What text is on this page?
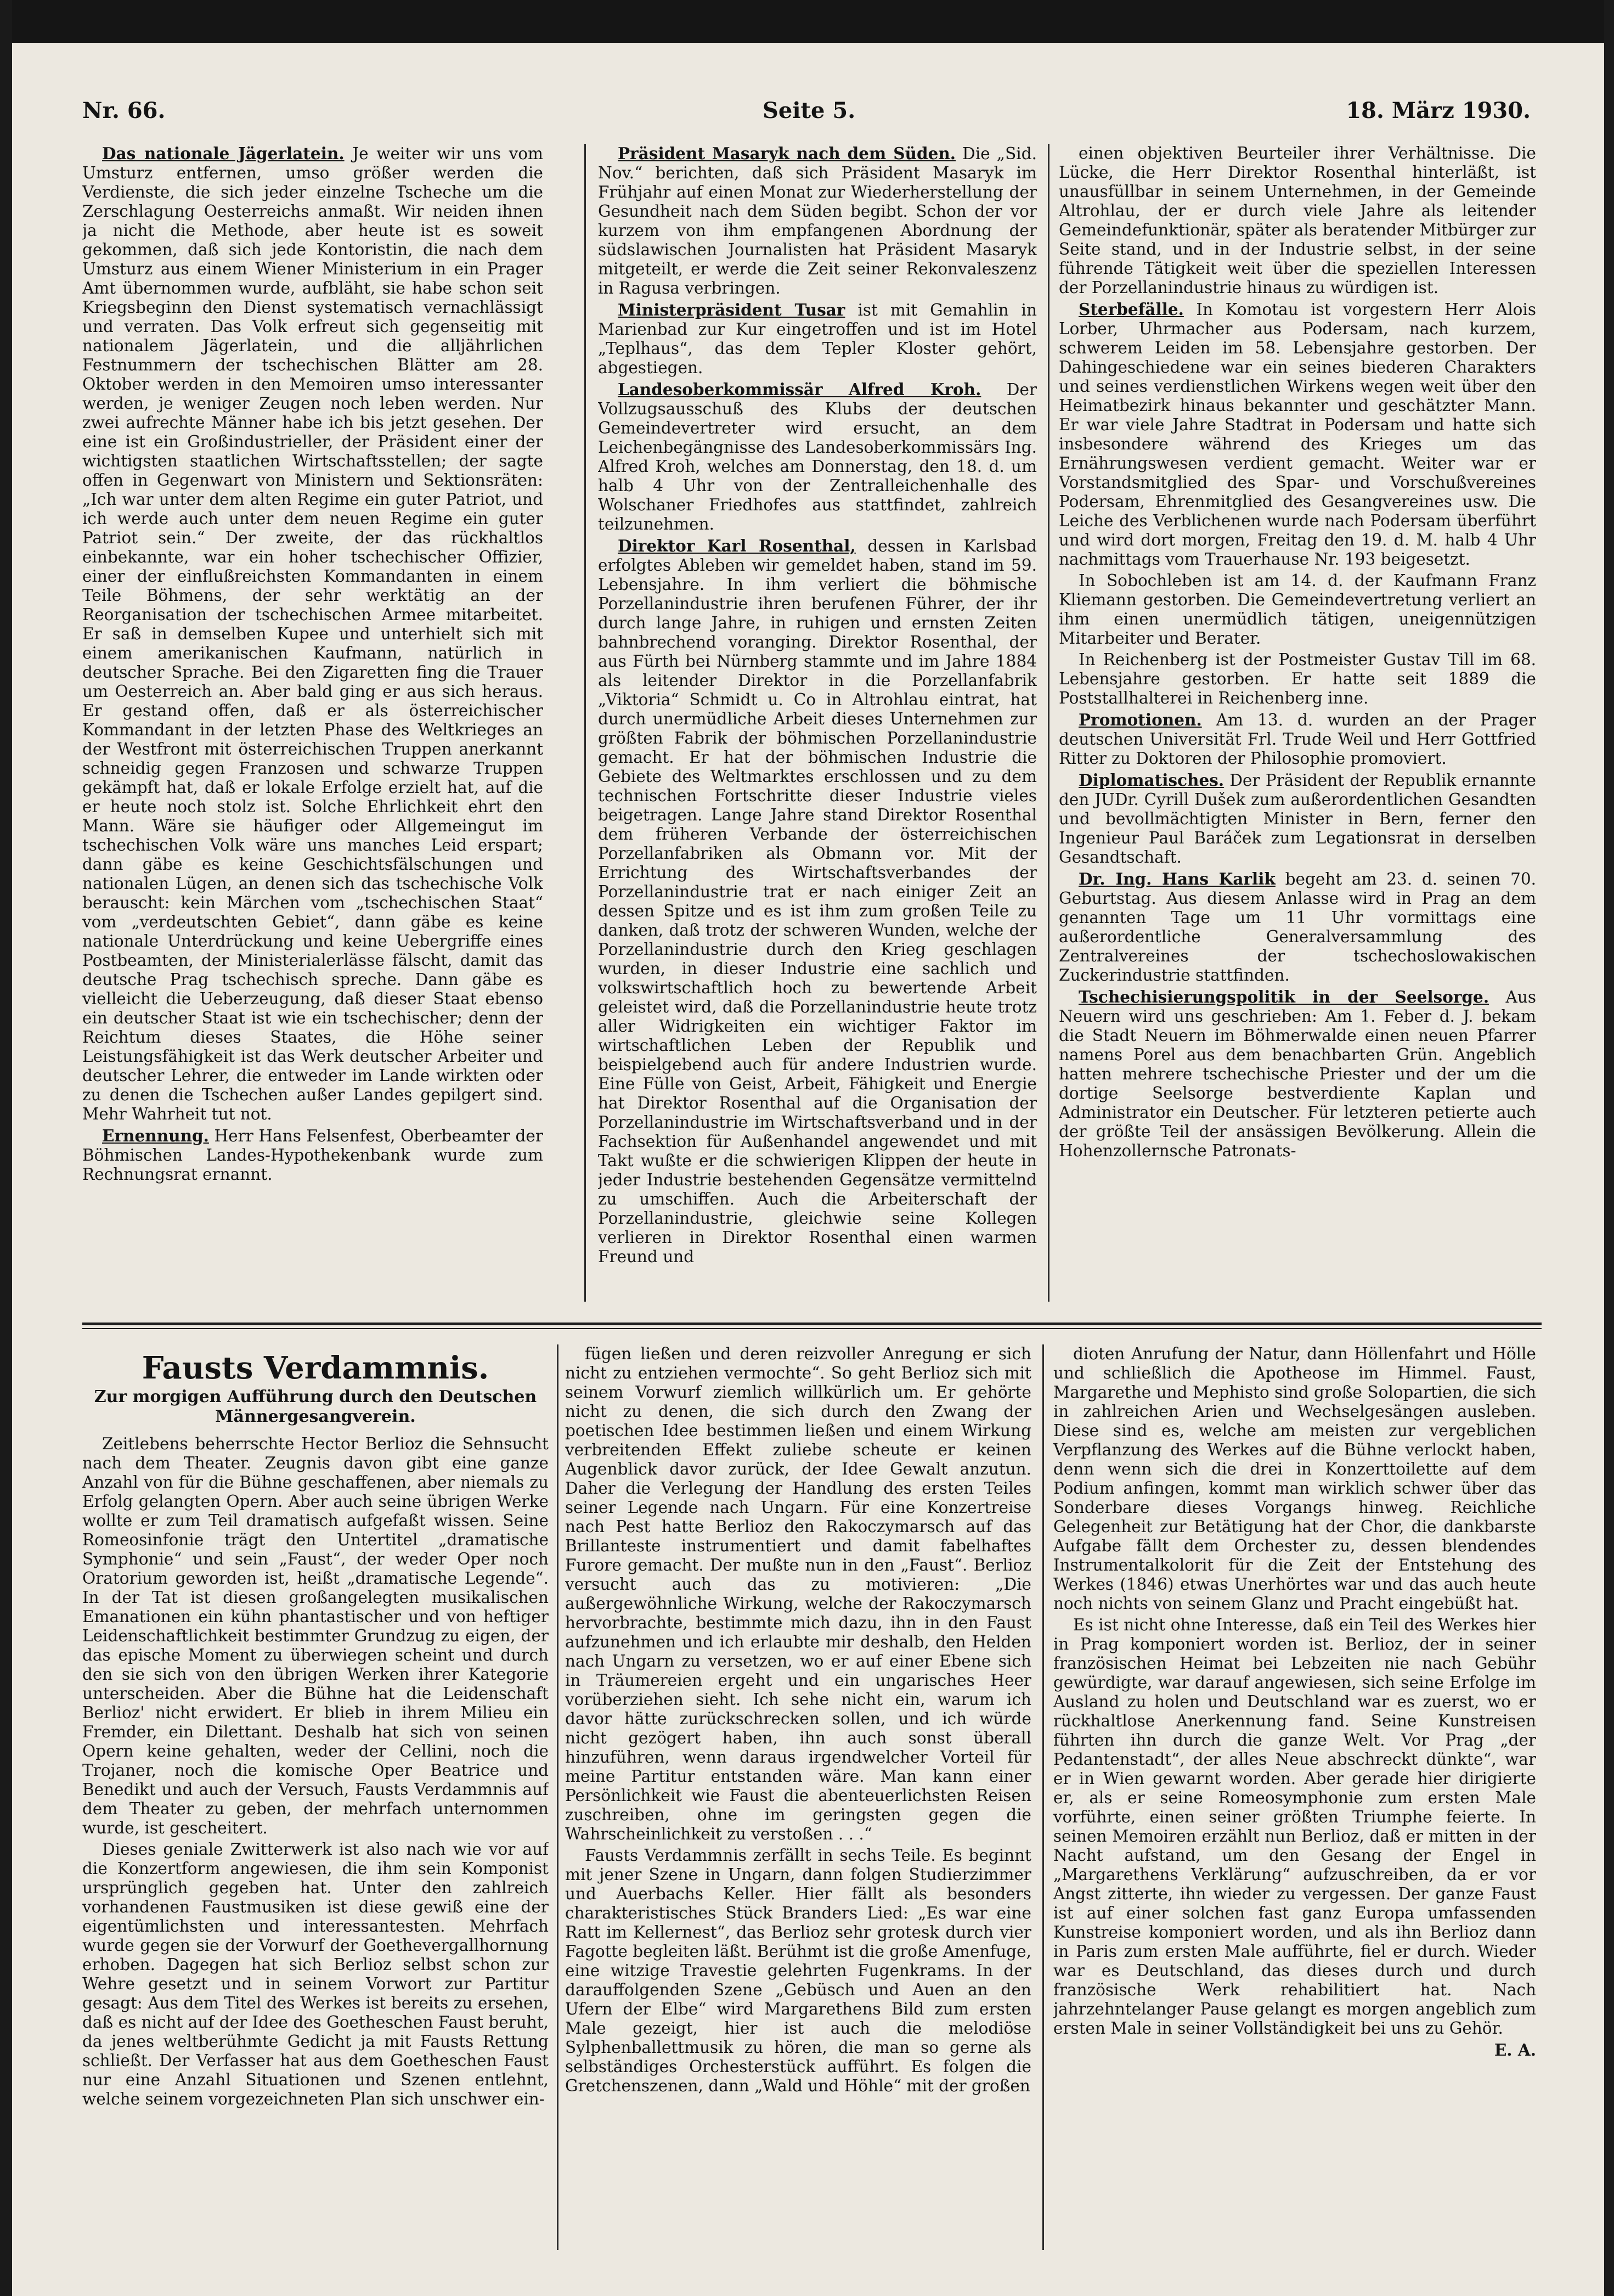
Nr. 66.	Seite 5.	18. März 1930.

Das nationale Jägerlatein. Je weiter wir uns vom Umsturz entfernen, umso größer werden die Verdienste, die sich jeder einzelne Tscheche um die Zerschlagung Oesterreichs anmaßt. Wir neiden ihnen ja nicht die Methode, aber heute ist es soweit gekommen, daß sich jede Kontoristin, die nach dem Umsturz aus einem Wiener Ministerium in ein Prager Amt übernommen wurde, aufbläht, sie habe schon seit Kriegsbeginn den Dienst systematisch vernachlässigt und verraten. Das Volk erfreut sich gegenseitig mit nationalem Jägerlatein, und die alljährlichen Festnummern der tschechischen Blätter am 28. Oktober werden in den Memoiren umso interessanter werden, je weniger Zeugen noch leben werden. Nur zwei aufrechte Männer habe ich bis jetzt gesehen. Der eine ist ein Großindustrieller, der Präsident einer der wichtigsten staatlichen Wirtschaftsstellen; der sagte offen in Gegenwart von Ministern und Sektionsräten: „Ich war unter dem alten Regime ein guter Patriot, und ich werde auch unter dem neuen Regime ein guter Patriot sein.“ Der zweite, der das rückhaltlos einbekannte, war ein hoher tschechischer Offizier, einer der einflußreichsten Kommandanten in einem Teile Böhmens, der sehr werktätig an der Reorganisation der tschechischen Armee mitarbeitet. Er saß in demselben Kupee und unterhielt sich mit einem amerikanischen Kaufmann, natürlich in deutscher Sprache. Bei den Zigaretten fing die Trauer um Oesterreich an. Aber bald ging er aus sich heraus. Er gestand offen, daß er als österreichischer Kommandant in der letzten Phase des Weltkrieges an der Westfront mit österreichischen Truppen anerkannt schneidig gegen Franzosen und schwarze Truppen gekämpft hat, daß er lokale Erfolge erzielt hat, auf die er heute noch stolz ist. Solche Ehrlichkeit ehrt den Mann. Wäre sie häufiger oder Allgemeingut im tschechischen Volk wäre uns manches Leid erspart; dann gäbe es keine Geschichtsfälschungen und nationalen Lügen, an denen sich das tschechische Volk berauscht: kein Märchen vom „tschechischen Staat“ vom „verdeutschten Gebiet“, dann gäbe es keine nationale Unterdrückung und keine Uebergriffe eines Postbeamten, der Ministerialerlässe fälscht, damit das deutsche Prag tschechisch spreche. Dann gäbe es vielleicht die Ueberzeugung, daß dieser Staat ebenso ein deutscher Staat ist wie ein tschechischer; denn der Reichtum dieses Staates, die Höhe seiner Leistungsfähigkeit ist das Werk deutscher Arbeiter und deutscher Lehrer, die entweder im Lande wirkten oder zu denen die Tschechen außer Landes gepilgert sind. Mehr Wahrheit tut not.

Ernennung. Herr Hans Felsenfest, Oberbeamter der Böhmischen Landes-Hypothekenbank wurde zum Rechnungsrat ernannt.

Präsident Masaryk nach dem Süden. Die „Sid. Nov.“ berichten, daß sich Präsident Masaryk im Frühjahr auf einen Monat zur Wiederherstellung der Gesundheit nach dem Süden begibt. Schon der vor kurzem von ihm empfangenen Abordnung der südslawischen Journalisten hat Präsident Masaryk mitgeteilt, er werde die Zeit seiner Rekonvaleszenz in Ragusa verbringen.

Ministerpräsident Tusar ist mit Gemahlin in Marienbad zur Kur eingetroffen und ist im Hotel „Teplhaus“, das dem Tepler Kloster gehört, abgestiegen.

Landesoberkommissär Alfred Kroh. Der Vollzugsausschuß des Klubs der deutschen Gemeindevertreter wird ersucht, an dem Leichenbegängnisse des Landesoberkommissärs Ing. Alfred Kroh, welches am Donnerstag, den 18. d. um halb 4 Uhr von der Zentralleichenhalle des Wolschaner Friedhofes aus stattfindet, zahlreich teilzunehmen.

Direktor Karl Rosenthal, dessen in Karlsbad erfolgtes Ableben wir gemeldet haben, stand im 59. Lebensjahre. In ihm verliert die böhmische Porzellanindustrie ihren berufenen Führer, der ihr durch lange Jahre, in ruhigen und ernsten Zeiten bahnbrechend voranging. Direktor Rosenthal, der aus Fürth bei Nürnberg stammte und im Jahre 1884 als leitender Direktor in die Porzellanfabrik „Viktoria“ Schmidt u. Co in Altrohlau eintrat, hat durch unermüdliche Arbeit dieses Unternehmen zur größten Fabrik der böhmischen Porzellanindustrie gemacht. Er hat der böhmischen Industrie die Gebiete des Weltmarktes erschlossen und zu dem technischen Fortschritte dieser Industrie vieles beigetragen. Lange Jahre stand Direktor Rosenthal dem früheren Verbande der österreichischen Porzellanfabriken als Obmann vor. Mit der Errichtung des Wirtschaftsverbandes der Porzellanindustrie trat er nach einiger Zeit an dessen Spitze und es ist ihm zum großen Teile zu danken, daß trotz der schweren Wunden, welche der Porzellanindustrie durch den Krieg geschlagen wurden, in dieser Industrie eine sachlich und volkswirtschaftlich hoch zu bewertende Arbeit geleistet wird, daß die Porzellanindustrie heute trotz aller Widrigkeiten ein wichtiger Faktor im wirtschaftlichen Leben der Republik und beispielgebend auch für andere Industrien wurde. Eine Fülle von Geist, Arbeit, Fähigkeit und Energie hat Direktor Rosenthal auf die Organisation der Porzellanindustrie im Wirtschaftsverband und in der Fachsektion für Außenhandel angewendet und mit Takt wußte er die schwierigen Klippen der heute in jeder Industrie bestehenden Gegensätze vermittelnd zu umschiffen. Auch die Arbeiterschaft der Porzellanindustrie, gleichwie seine Kollegen verlieren in Direktor Rosenthal einen warmen Freund und

einen objektiven Beurteiler ihrer Verhältnisse. Die Lücke, die Herr Direktor Rosenthal hinterläßt, ist unausfüllbar in seinem Unternehmen, in der Gemeinde Altrohlau, der er durch viele Jahre als leitender Gemeindefunktionär, später als beratender Mitbürger zur Seite stand, und in der Industrie selbst, in der seine führende Tätigkeit weit über die speziellen Interessen der Porzellanindustrie hinaus zu würdigen ist.

Sterbefälle. In Komotau ist vorgestern Herr Alois Lorber, Uhrmacher aus Podersam, nach kurzem, schwerem Leiden im 58. Lebensjahre gestorben. Der Dahingeschiedene war ein seines biederen Charakters und seines verdienstlichen Wirkens wegen weit über den Heimatbezirk hinaus bekannter und geschätzter Mann. Er war viele Jahre Stadtrat in Podersam und hatte sich insbesondere während des Krieges um das Ernährungswesen verdient gemacht. Weiter war er Vorstandsmitglied des Spar- und Vorschußvereines Podersam, Ehrenmitglied des Gesangvereines usw. Die Leiche des Verblichenen wurde nach Podersam überführt und wird dort morgen, Freitag den 19. d. M. halb 4 Uhr nachmittags vom Trauerhause Nr. 193 beigesetzt.

In Sobochleben ist am 14. d. der Kaufmann Franz Kliemann gestorben. Die Gemeindevertretung verliert an ihm einen unermüdlich tätigen, uneigennützigen Mitarbeiter und Berater.

In Reichenberg ist der Postmeister Gustav Till im 68. Lebensjahre gestorben. Er hatte seit 1889 die Poststallhalterei in Reichenberg inne.

Promotionen. Am 13. d. wurden an der Prager deutschen Universität Frl. Trude Weil und Herr Gottfried Ritter zu Doktoren der Philosophie promoviert.

Diplomatisches. Der Präsident der Republik ernannte den JUDr. Cyrill Dušek zum außerordentlichen Gesandten und bevollmächtigten Minister in Bern, ferner den Ingenieur Paul Baráček zum Legationsrat in derselben Gesandtschaft.

Dr. Ing. Hans Karlik begeht am 23. d. seinen 70. Geburtstag. Aus diesem Anlasse wird in Prag an dem genannten Tage um 11 Uhr vormittags eine außerordentliche Generalversammlung des Zentralvereines der tschechoslowakischen Zuckerindustrie stattfinden.

Tschechisierungspolitik in der Seelsorge. Aus Neuern wird uns geschrieben: Am 1. Feber d. J. bekam die Stadt Neuern im Böhmerwalde einen neuen Pfarrer namens Porel aus dem benachbarten Grün. Angeblich hatten mehrere tschechische Priester und der um die dortige Seelsorge bestverdiente Kaplan und Administrator ein Deutscher. Für letzteren petierte auch der größte Teil der ansässigen Bevölkerung. Allein die Hohenzollernsche Patronats-

Fausts Verdammnis.
Zur morgigen Aufführung durch den Deutschen Männergesangverein.

Zeitlebens beherrschte Hector Berlioz die Sehnsucht nach dem Theater. Zeugnis davon gibt eine ganze Anzahl von für die Bühne geschaffenen, aber niemals zu Erfolg gelangten Opern. Aber auch seine übrigen Werke wollte er zum Teil dramatisch aufgefaßt wissen. Seine Romeosinfonie trägt den Untertitel „dramatische Symphonie“ und sein „Faust“, der weder Oper noch Oratorium geworden ist, heißt „dramatische Legende“. In der Tat ist diesen großangelegten musikalischen Emanationen ein kühn phantastischer und von heftiger Leidenschaftlichkeit bestimmter Grundzug zu eigen, der das epische Moment zu überwiegen scheint und durch den sie sich von den übrigen Werken ihrer Kategorie unterscheiden. Aber die Bühne hat die Leidenschaft Berlioz' nicht erwidert. Er blieb in ihrem Milieu ein Fremder, ein Dilettant. Deshalb hat sich von seinen Opern keine gehalten, weder der Cellini, noch die Trojaner, noch die komische Oper Beatrice und Benedikt und auch der Versuch, Fausts Verdammnis auf dem Theater zu geben, der mehrfach unternommen wurde, ist gescheitert.

Dieses geniale Zwitterwerk ist also nach wie vor auf die Konzertform angewiesen, die ihm sein Komponist ursprünglich gegeben hat. Unter den zahlreich vorhandenen Faustmusiken ist diese gewiß eine der eigentümlichsten und interessantesten. Mehrfach wurde gegen sie der Vorwurf der Goethevergallhornung erhoben. Dagegen hat sich Berlioz selbst schon zur Wehre gesetzt und in seinem Vorwort zur Partitur gesagt: Aus dem Titel des Werkes ist bereits zu ersehen, daß es nicht auf der Idee des Goetheschen Faust beruht, da jenes weltberühmte Gedicht ja mit Fausts Rettung schließt. Der Verfasser hat aus dem Goetheschen Faust nur eine Anzahl Situationen und Szenen entlehnt, welche seinem vorgezeichneten Plan sich unschwer ein-

fügen ließen und deren reizvoller Anregung er sich nicht zu entziehen vermochte“. So geht Berlioz sich mit seinem Vorwurf ziemlich willkürlich um. Er gehörte nicht zu denen, die sich durch den Zwang der poetischen Idee bestimmen ließen und einem Wirkung verbreitenden Effekt zuliebe scheute er keinen Augenblick davor zurück, der Idee Gewalt anzutun. Daher die Verlegung der Handlung des ersten Teiles seiner Legende nach Ungarn. Für eine Konzertreise nach Pest hatte Berlioz den Rakoczymarsch auf das Brillanteste instrumentiert und damit fabelhaftes Furore gemacht. Der mußte nun in den „Faust“. Berlioz versucht auch das zu motivieren: „Die außergewöhnliche Wirkung, welche der Rakoczymarsch hervorbrachte, bestimmte mich dazu, ihn in den Faust aufzunehmen und ich erlaubte mir deshalb, den Helden nach Ungarn zu versetzen, wo er auf einer Ebene sich in Träumereien ergeht und ein ungarisches Heer vorüberziehen sieht. Ich sehe nicht ein, warum ich davor hätte zurückschrecken sollen, und ich würde nicht gezögert haben, ihn auch sonst überall hinzuführen, wenn daraus irgendwelcher Vorteil für meine Partitur entstanden wäre. Man kann einer Persönlichkeit wie Faust die abenteuerlichsten Reisen zuschreiben, ohne im geringsten gegen die Wahrscheinlichkeit zu verstoßen . . .“

Fausts Verdammnis zerfällt in sechs Teile. Es beginnt mit jener Szene in Ungarn, dann folgen Studierzimmer und Auerbachs Keller. Hier fällt als besonders charakteristisches Stück Branders Lied: „Es war eine Ratt im Kellernest“, das Berlioz sehr grotesk durch vier Fagotte begleiten läßt. Berühmt ist die große Amenfuge, eine witzige Travestie gelehrten Fugenkrams. In der darauffolgenden Szene „Gebüsch und Auen an den Ufern der Elbe“ wird Margarethens Bild zum ersten Male gezeigt, hier ist auch die melodiöse Sylphenballettmusik zu hören, die man so gerne als selbständiges Orchesterstück aufführt. Es folgen die Gretchenszenen, dann „Wald und Höhle“ mit der großen

dioten Anrufung der Natur, dann Höllenfahrt und Hölle und schließlich die Apotheose im Himmel. Faust, Margarethe und Mephisto sind große Solopartien, die sich in zahlreichen Arien und Wechselgesängen ausleben. Diese sind es, welche am meisten zur vergeblichen Verpflanzung des Werkes auf die Bühne verlockt haben, denn wenn sich die drei in Konzerttoilette auf dem Podium anfingen, kommt man wirklich schwer über das Sonderbare dieses Vorgangs hinweg. Reichliche Gelegenheit zur Betätigung hat der Chor, die dankbarste Aufgabe fällt dem Orchester zu, dessen blendendes Instrumentalkolorit für die Zeit der Entstehung des Werkes (1846) etwas Unerhörtes war und das auch heute noch nichts von seinem Glanz und Pracht eingebüßt hat.

Es ist nicht ohne Interesse, daß ein Teil des Werkes hier in Prag komponiert worden ist. Berlioz, der in seiner französischen Heimat bei Lebzeiten nie nach Gebühr gewürdigte, war darauf angewiesen, sich seine Erfolge im Ausland zu holen und Deutschland war es zuerst, wo er rückhaltlose Anerkennung fand. Seine Kunstreisen führten ihn durch die ganze Welt. Vor Prag „der Pedantenstadt“, der alles Neue abschreckt dünkte“, war er in Wien gewarnt worden. Aber gerade hier dirigierte er, als er seine Romeosymphonie zum ersten Male vorführte, einen seiner größten Triumphe feierte. In seinen Memoiren erzählt nun Berlioz, daß er mitten in der Nacht aufstand, um den Gesang der Engel in „Margarethens Verklärung“ aufzuschreiben, da er vor Angst zitterte, ihn wieder zu vergessen. Der ganze Faust ist auf einer solchen fast ganz Europa umfassenden Kunstreise komponiert worden, und als ihn Berlioz dann in Paris zum ersten Male aufführte, fiel er durch. Wieder war es Deutschland, das dieses durch und durch französische Werk rehabilitiert hat. Nach jahrzehntelanger Pause gelangt es morgen angeblich zum ersten Male in seiner Vollständigkeit bei uns zu Gehör.

E. A.
